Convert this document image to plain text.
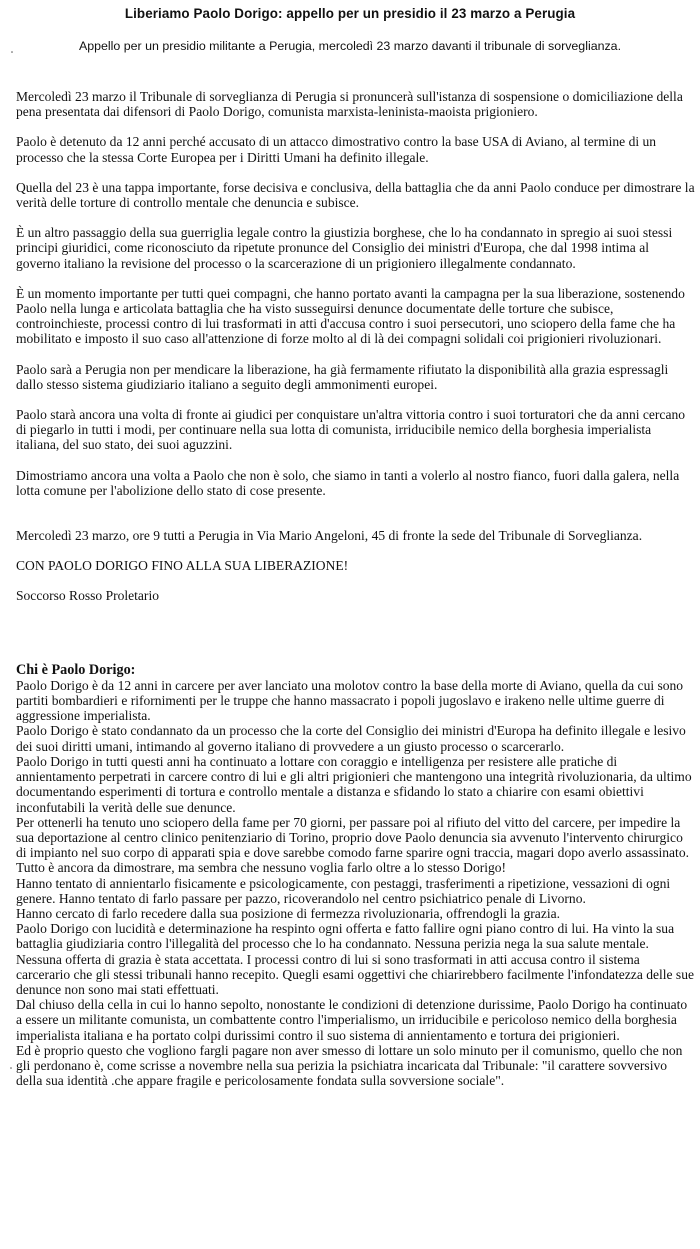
Liberiamo Paolo Dorigo: appello per un presidio il 23 marzo a Perugia
Appello per un presidio militante a Perugia, mercoledì 23 marzo davanti il tribunale di sorveglianza.

Mercoledì 23 marzo il Tribunale di sorveglianza di Perugia si pronuncerà sull'istanza di sospensione o domiciliazione della pena presentata dai difensori di Paolo Dorigo, comunista marxista-leninista-maoista prigioniero.

Paolo è detenuto da 12 anni perché accusato di un attacco dimostrativo contro la base USA di Aviano, al termine di un processo che la stessa Corte Europea per i Diritti Umani ha definito illegale.

Quella del 23 è una tappa importante, forse decisiva e conclusiva, della battaglia che da anni Paolo conduce per dimostrare la verità delle torture di controllo mentale che denuncia e subisce.

È un altro passaggio della sua guerriglia legale contro la giustizia borghese, che lo ha condannato in spregio ai suoi stessi principi giuridici, come riconosciuto da ripetute pronunce del Consiglio dei ministri d'Europa, che dal 1998 intima al governo italiano la revisione del processo o la scarcerazione di un prigioniero illegalmente condannato.

È un momento importante per tutti quei compagni, che hanno portato avanti la campagna per la sua liberazione, sostenendo Paolo nella lunga e articolata battaglia che ha visto susseguirsi denunce documentate delle torture che subisce, controinchieste, processi contro di lui trasformati in atti d'accusa contro i suoi persecutori, uno sciopero della fame che ha mobilitato e imposto il suo caso all'attenzione di forze molto al di là dei compagni solidali coi prigionieri rivoluzionari.

Paolo sarà a Perugia non per mendicare la liberazione, ha già fermamente rifiutato la disponibilità alla grazia espressagli dallo stesso sistema giudiziario italiano a seguito degli ammonimenti europei.

Paolo starà ancora una volta di fronte ai giudici per conquistare un'altra vittoria contro i suoi torturatori che da anni cercano di piegarlo in tutti i modi, per continuare nella sua lotta di comunista, irriducibile nemico della borghesia imperialista italiana, del suo stato, dei suoi aguzzini.

Dimostriamo ancora una volta a Paolo che non è solo, che siamo in tanti a volerlo al nostro fianco, fuori dalla galera, nella lotta comune per l'abolizione dello stato di cose presente.

Mercoledì 23 marzo, ore 9 tutti a Perugia in Via Mario Angeloni, 45 di fronte la sede del Tribunale di Sorveglianza.

CON PAOLO DORIGO FINO ALLA SUA LIBERAZIONE!

Soccorso Rosso Proletario

Chi è Paolo Dorigo:

Paolo Dorigo è da 12 anni in carcere per aver lanciato una molotov contro la base della morte di Aviano, quella da cui sono partiti bombardieri e rifornimenti per le truppe che hanno massacrato i popoli jugoslavo e irakeno nelle ultime guerre di aggressione imperialista.

Paolo Dorigo è stato condannato da un processo che la corte del Consiglio dei ministri d'Europa ha definito illegale e lesivo dei suoi diritti umani, intimando al governo italiano di provvedere a un giusto processo o scarcerarlo.

Paolo Dorigo in tutti questi anni ha continuato a lottare con coraggio e intelligenza per resistere alle pratiche di annientamento perpetrati in carcere contro di lui e gli altri prigionieri che mantengono una integrità rivoluzionaria, da ultimo documentando esperimenti di tortura e controllo mentale a distanza e sfidando lo stato a chiarire con esami obiettivi inconfutabili la verità delle sue denunce.

Per ottenerli ha tenuto uno sciopero della fame per 70 giorni, per passare poi al rifiuto del vitto del carcere, per impedire la sua deportazione al centro clinico penitenziario di Torino, proprio dove Paolo denuncia sia avvenuto l'intervento chirurgico di impianto nel suo corpo di apparati spia e dove sarebbe comodo farne sparire ogni traccia, magari dopo averlo assassinato.

Tutto è ancora da dimostrare, ma sembra che nessuno voglia farlo oltre a lo stesso Dorigo!

Hanno tentato di annientarlo fisicamente e psicologicamente, con pestaggi, trasferimenti a ripetizione, vessazioni di ogni genere. Hanno tentato di farlo passare per pazzo, ricoverandolo nel centro psichiatrico penale di Livorno.

Hanno cercato di farlo recedere dalla sua posizione di fermezza rivoluzionaria, offrendogli la grazia.

Paolo Dorigo con lucidità e determinazione ha respinto ogni offerta e fatto fallire ogni piano contro di lui. Ha vinto la sua battaglia giudiziaria contro l'illegalità del processo che lo ha condannato. Nessuna perizia nega la sua salute mentale. Nessuna offerta di grazia è stata accettata. I processi contro di lui si sono trasformati in atti accusa contro il sistema carcerario che gli stessi tribunali hanno recepito. Quegli esami oggettivi che chiarirebbero facilmente l'infondatezza delle sue denunce non sono mai stati effettuati.

Dal chiuso della cella in cui lo hanno sepolto, nonostante le condizioni di detenzione durissime, Paolo Dorigo ha continuato a essere un militante comunista, un combattente contro l'imperialismo, un irriducibile e pericoloso nemico della borghesia imperialista italiana e ha portato colpi durissimi contro il suo sistema di annientamento e tortura dei prigionieri.

Ed è proprio questo che vogliono fargli pagare non aver smesso di lottare un solo minuto per il comunismo, quello che non gli perdonano è, come scrisse a novembre nella sua perizia la psichiatra incaricata dal Tribunale: "il carattere sovversivo della sua identità .che appare fragile e pericolosamente fondata sulla sovversione sociale".
